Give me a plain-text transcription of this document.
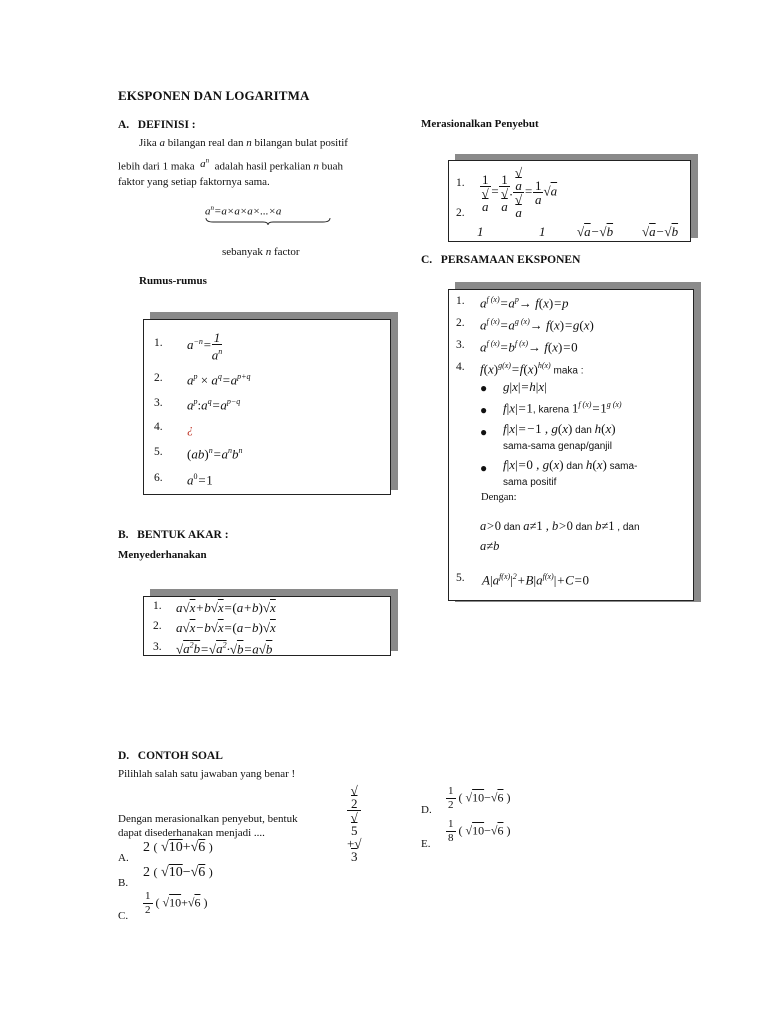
EKSPONEN DAN LOGARITMA
A.   DEFINISI :
Jika a bilangan real dan n bilangan bulat positif
lebih dari 1 maka  $a^n$  adalah hasil perkalian n buah
faktor yang setiap faktornya sama.
$a^n=a\times a\times a\times...\times a$
sebanyak n factor
Rumus-rumus
1. $a^{-n}= \frac{1}{a^n}$
2. $a^p \times a^q=a^{p+q}$
3. $a^p:a^q=a^{p-q}$
4. ¿
5. $(ab)^n=a^nb^n$
6. $a^0=1$
B.   BENTUK AKAR :
Menyederhanakan
1. a√x+b√x=(a+b)√x
2. a√x−b√x=(a−b)√x
3. $√a^2b=√a^2\cdot√b=a√b$
Merasionalkan Penyebut
1. 1
√
a = 1
√
a . √
a
√
$a = \frac{1}{a} √a$
2.
1	1 √a−√b √a−√b
C.   PERSAMAAN EKSPONEN
1. $a^{f (x)}=a^p\to f(x)=p$
2. $a^{f (x)}=a^{g (x)}\to f(x)=g(x)$
3. $a^{f (x)}=b^{f (x)}\to f(x)=0$
4. $f(x)^{g(x)}=f(x)^{h(x)}$ maka :
● g|x|=h|x|
● f|x|=1, karena $1^{f (x)}=1^{g (x)}$
● f|x|=−1 , g(x) dan h(x)
sama-sama genap/ganjil
● f|x|=0 , g(x) dan h(x) sama-
sama positif
Dengan:
a>0 dan a≠1 , b>0 dan b≠1 , dan
a≠b
5. $A|a^{f(x)}|^2+B|a^{f(x)}|+C=0$
D.   CONTOH SOAL
Pilihlah salah satu jawaban yang benar !
√
2
√
5
+√
3
Dengan merasionalkan penyebut, bentuk
dapat disederhanakan menjadi ....
A.
2 ( √10+√6 )
B.
2 ( √10−√6 )
C. $\frac{1}{2}$ ( √10+√6 )
D. $\frac{1}{2}$ ( √10−√6 )
E. $\frac{1}{8}$ ( √10−√6 )
